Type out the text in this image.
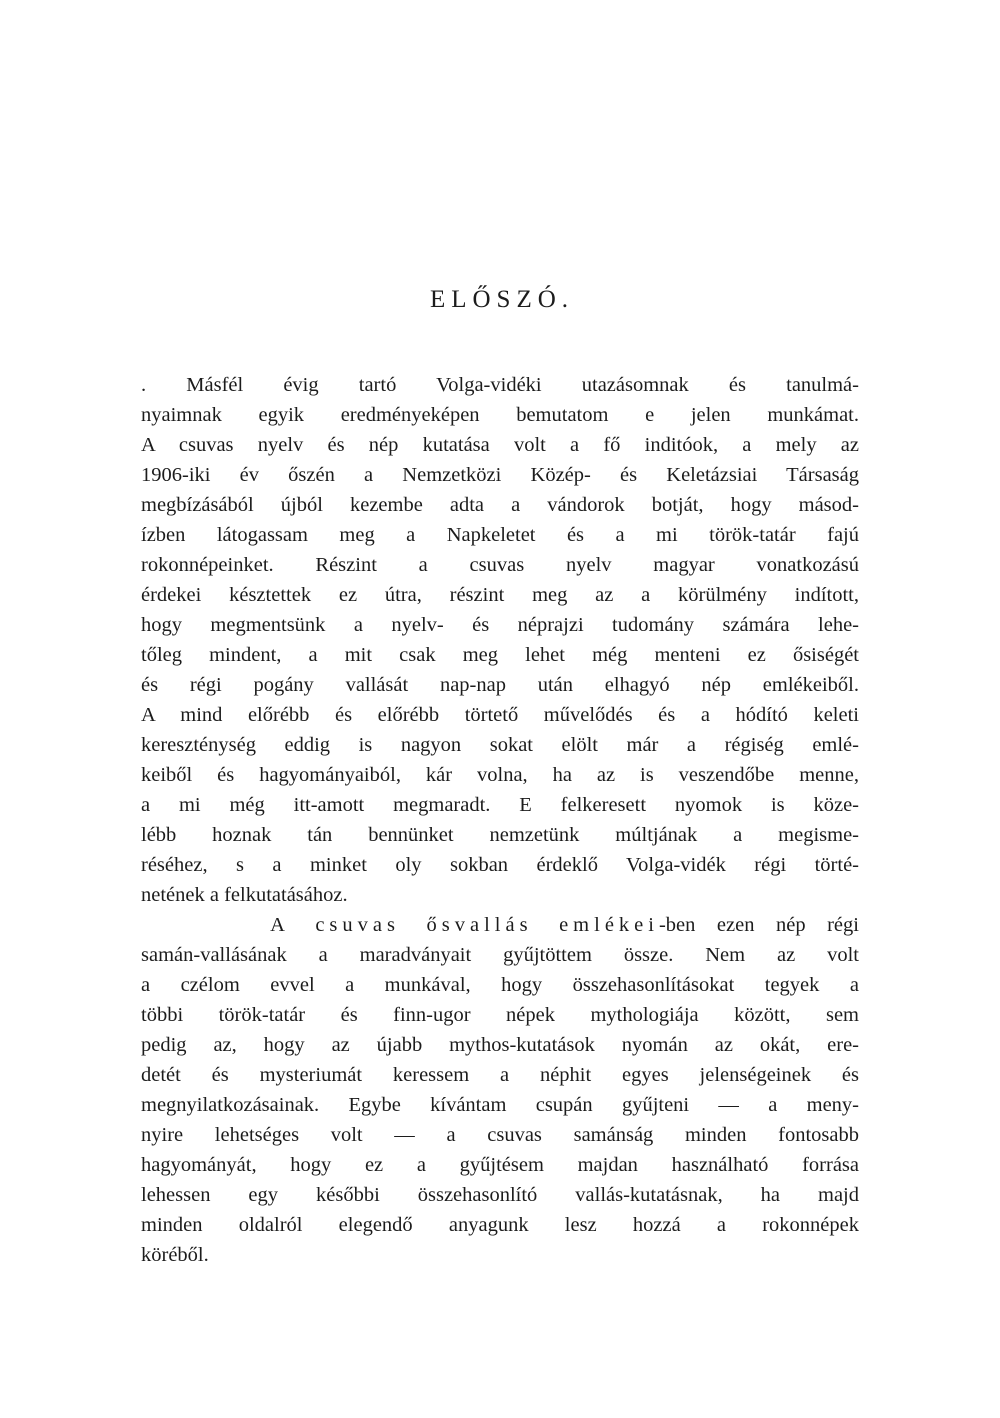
ELŐSZÓ.
. Másfél évig tartó Volga-vidéki utazásomnak és tanulmá-
nyaimnak egyik eredményeképen bemutatom e jelen munkámat.
A csuvas nyelv és nép kutatása volt a fő inditóok, a mely az
1906-iki év őszén a Nemzetközi Közép- és Keletázsiai Társaság
megbízásából újból kezembe adta a vándorok botját, hogy másod-
ízben látogassam meg a Napkeletet és a mi török-tatár fajú
rokonnépeinket. Részint a csuvas nyelv magyar vonatkozású
érdekei késztettek ez útra, részint meg az a körülmény indított,
hogy megmentsünk a nyelv- és néprajzi tudomány számára lehe-
tőleg mindent, a mit csak meg lehet még menteni ez ősiségét
és régi pogány vallását nap-nap után elhagyó nép emlékeiből.
A mind előrébb és előrébb törtető művelődés és a hódító keleti
kereszténység eddig is nagyon sokat elölt már a régiség emlé-
keiből és hagyományaiból, kár volna, ha az is veszendőbe menne,
a mi még itt-amott megmaradt. E felkeresett nyomok is köze-
lébb hoznak tán bennünket nemzetünk múltjának a megisme-
réséhez, s a minket oly sokban érdeklő Volga-vidék régi törté-
netének a felkutatásához.
A csuvas ősvallás emlékei-ben ezen nép régi
samán-vallásának a maradványait gyűjtöttem össze. Nem az volt
a czélom evvel a munkával, hogy összehasonlításokat tegyek a
többi török-tatár és finn-ugor népek mythologiája között, sem
pedig az, hogy az újabb mythos-kutatások nyomán az okát, ere-
detét és mysteriumát keressem a néphit egyes jelenségeinek és
megnyilatkozásainak. Egybe kívántam csupán gyűjteni — a meny-
nyire lehetséges volt — a csuvas samánság minden fontosabb
hagyományát, hogy ez a gyűjtésem majdan használható forrása
lehessen egy későbbi összehasonlító vallás-kutatásnak, ha majd
minden oldalról elegendő anyagunk lesz hozzá a rokonnépek
köréből.
